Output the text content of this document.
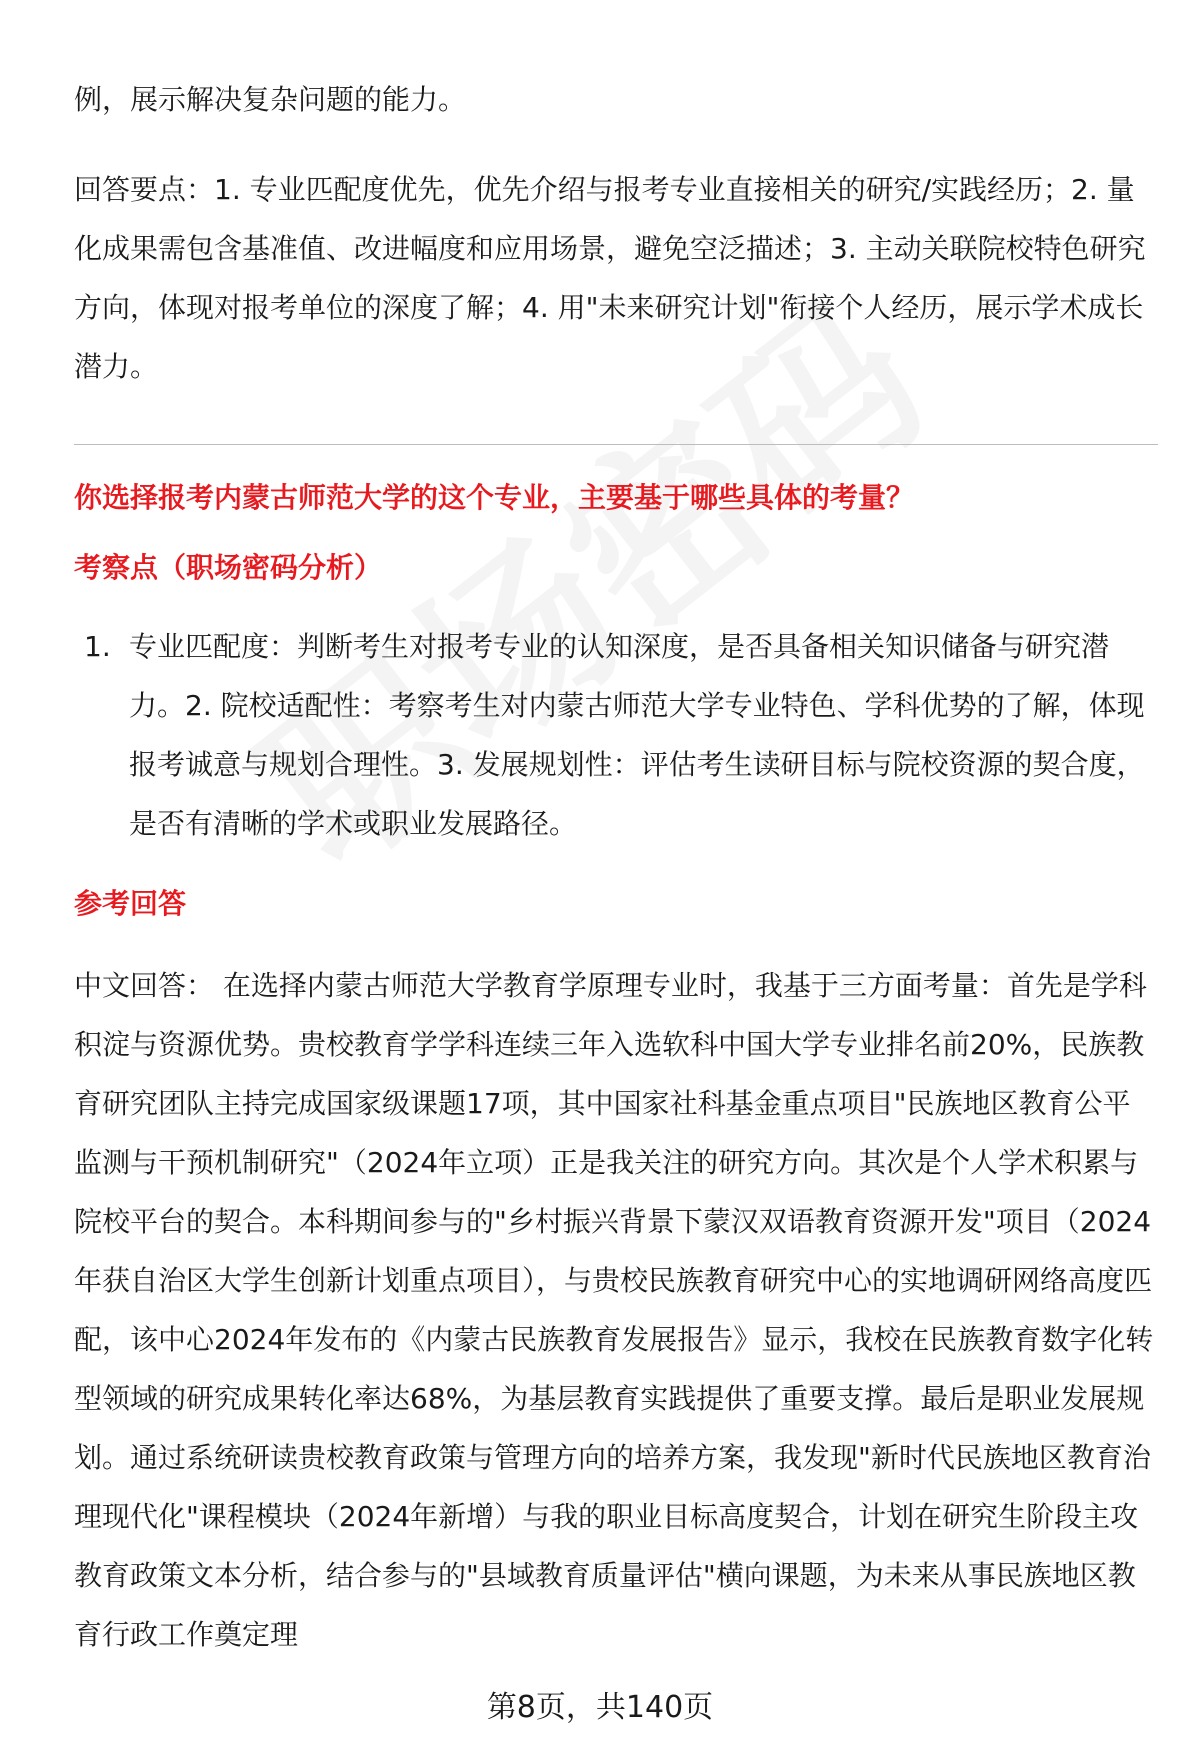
例，展示解决复杂问题的能力。
回答要点：1. 专业匹配度优先，优先介绍与报考专业直接相关的研究/实践经历；2. 量化成果需包含基准值、改进幅度和应用场景，避免空泛描述；3. 主动关联院校特色研究方向，体现对报考单位的深度了解；4. 用"未来研究计划"衔接个人经历，展示学术成长潜力。
你选择报考内蒙古师范大学的这个专业，主要基于哪些具体的考量？
考察点（职场密码分析）
1. 专业匹配度：判断考生对报考专业的认知深度，是否具备相关知识储备与研究潜力。2. 院校适配性：考察考生对内蒙古师范大学专业特色、学科优势的了解，体现报考诚意与规划合理性。3. 发展规划性：评估考生读研目标与院校资源的契合度，是否有清晰的学术或职业发展路径。
参考回答
中文回答： 在选择内蒙古师范大学教育学原理专业时，我基于三方面考量：首先是学科积淀与资源优势。贵校教育学学科连续三年入选软科中国大学专业排名前20%，民族教育研究团队主持完成国家级课题17项，其中国家社科基金重点项目"民族地区教育公平监测与干预机制研究"（2024年立项）正是我关注的研究方向。其次是个人学术积累与院校平台的契合。本科期间参与的"乡村振兴背景下蒙汉双语教育资源开发"项目（2024年获自治区大学生创新计划重点项目），与贵校民族教育研究中心的实地调研网络高度匹配，该中心2024年发布的《内蒙古民族教育发展报告》显示，我校在民族教育数字化转型领域的研究成果转化率达68%，为基层教育实践提供了重要支撑。最后是职业发展规划。通过系统研读贵校教育政策与管理方向的培养方案，我发现"新时代民族地区教育治理现代化"课程模块（2024年新增）与我的职业目标高度契合，计划在研究生阶段主攻教育政策文本分析，结合参与的"县域教育质量评估"横向课题，为未来从事民族地区教育行政工作奠定理
第8页，共140页
